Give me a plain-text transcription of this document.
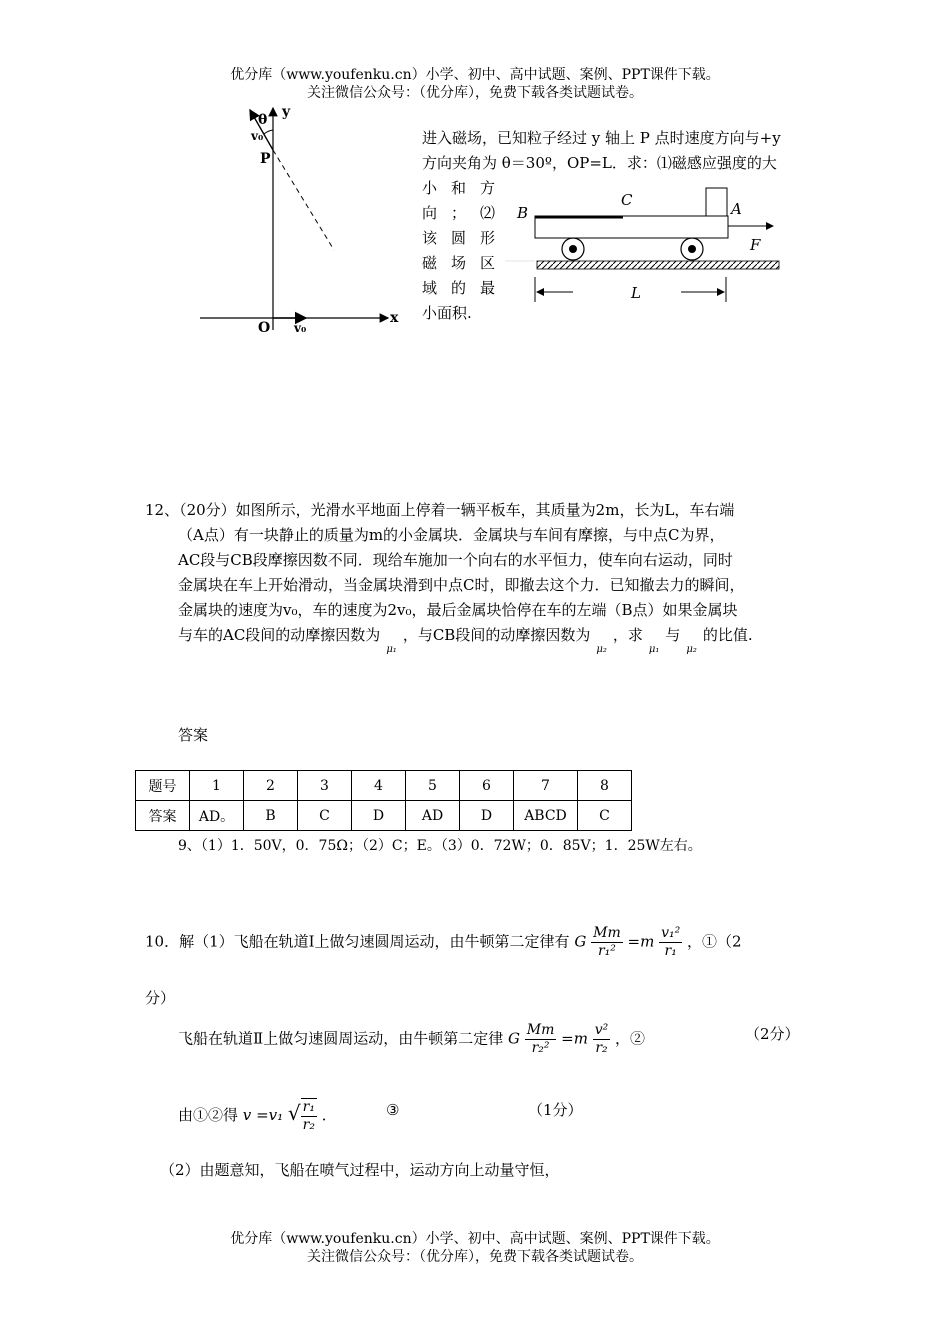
优分库（www.youfenku.cn）小学、初中、高中试题、案例、PPT课件下载。
关注微信公众号：（优分库），免费下载各类试题试卷。
y
x
O
P
θ
v₀
v₀
进入磁场，已知粒子经过 y 轴上 P 点时速度方向与+y
方向夹角为 θ＝30º，OP=L．求：⑴磁感应强度的大
小和方
向；⑵
该圆形
磁场区
域的最
小面积.
B
C	A
F
L
12、（20分）如图所示，光滑水平地面上停着一辆平板车，其质量为2m，长为L，车右端
（A点）有一块静止的质量为m的小金属块．金属块与车间有摩擦，与中点C为界，
AC段与CB段摩擦因数不同．现给车施加一个向右的水平恒力，使车向右运动，同时
金属块在车上开始滑动，当金属块滑到中点C时，即撤去这个力．已知撤去力的瞬间，
金属块的速度为v₀，车的速度为2v₀，最后金属块恰停在车的左端（B点）如果金属块
与车的AC段间的动摩擦因数为$_{\mu_1}$，与CB段间的动摩擦因数为$_{\mu_2}$，求$_{\mu_1}$与$_{\mu_2}$的比值.
答案
题号	1	2	3	4	5	6	7	8
答案	AD。	B	C	D	AD	D	ABCD	C
9、（1）1．50V，0．75Ω；（2）C；E。（3）0．72W；0．85V；1．25W左右。
10．解（1）飞船在轨道Ⅰ上做匀速圆周运动，由牛顿第二定律有 G $\frac{Mm}{\text{r₁²}} =m \frac{\text{v₁²}}{\text{r₁}}$ ，①（2
分）
飞船在轨道Ⅱ上做匀速圆周运动，由牛顿第二定律 G $\frac{Mm}{\text{r₂²}} =m \frac{\text{v²}}{\text{r₂}}$ ，②	（2分）
由①②得 v =v₁ √ $\frac{\text{r₁}}{\text{r₂}}$ ．	③	（1分）
（2）由题意知，飞船在喷气过程中，运动方向上动量守恒，
优分库（www.youfenku.cn）小学、初中、高中试题、案例、PPT课件下载。
关注微信公众号：（优分库），免费下载各类试题试卷。
